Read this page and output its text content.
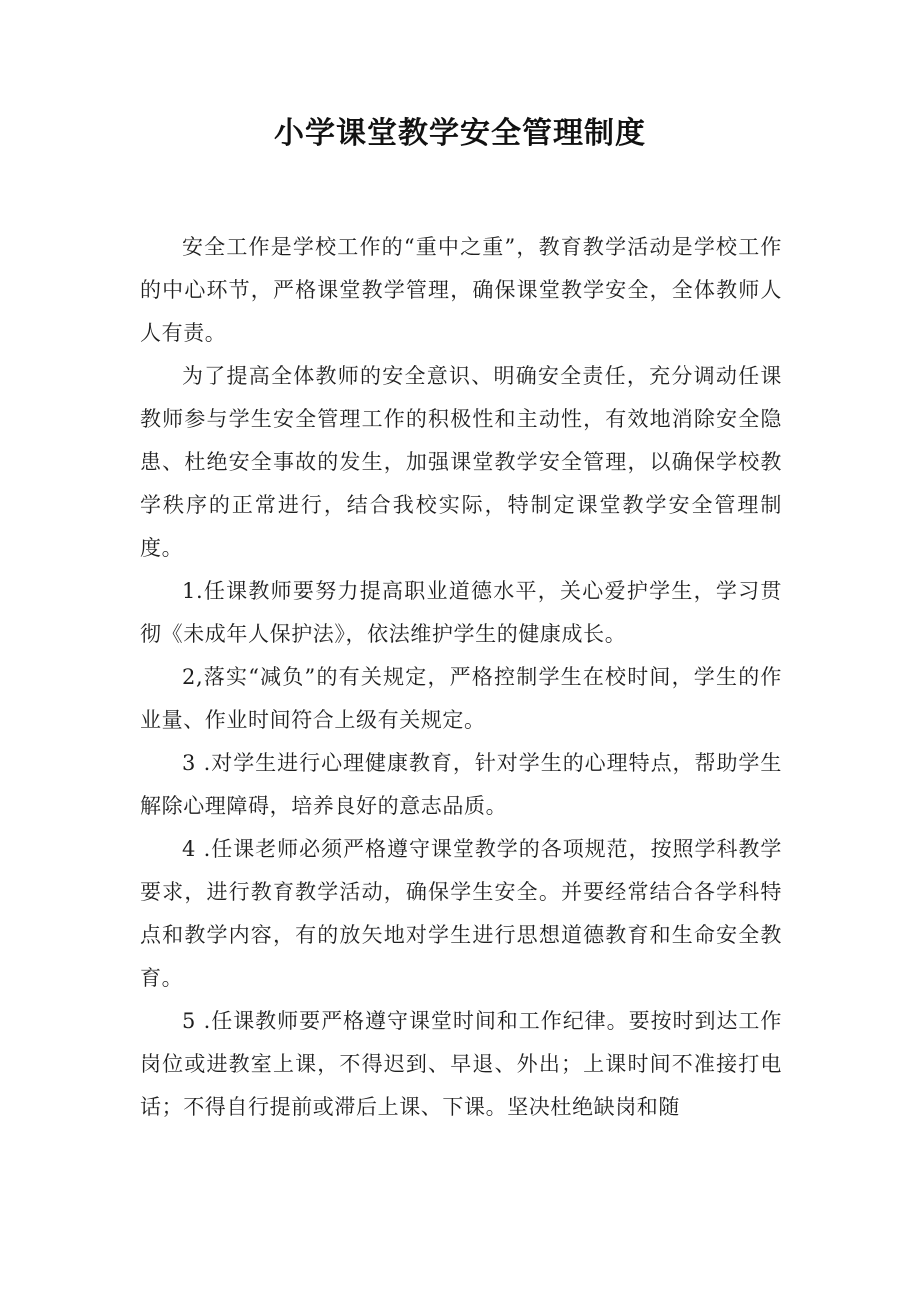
小学课堂教学安全管理制度

安全工作是学校工作的“重中之重”，教育教学活动是学校工作的中心环节，严格课堂教学管理，确保课堂教学安全，全体教师人人有责。

为了提高全体教师的安全意识、明确安全责任，充分调动任课教师参与学生安全管理工作的积极性和主动性，有效地消除安全隐患、杜绝安全事故的发生，加强课堂教学安全管理，以确保学校教学秩序的正常进行，结合我校实际，特制定课堂教学安全管理制度。

1.任课教师要努力提高职业道德水平，关心爱护学生，学习贯彻《未成年人保护法》，依法维护学生的健康成长。

2,落实“减负”的有关规定，严格控制学生在校时间，学生的作业量、作业时间符合上级有关规定。

3 .对学生进行心理健康教育，针对学生的心理特点，帮助学生解除心理障碍，培养良好的意志品质。

4 .任课老师必须严格遵守课堂教学的各项规范，按照学科教学要求，进行教育教学活动，确保学生安全。并要经常结合各学科特点和教学内容，有的放矢地对学生进行思想道德教育和生命安全教育。

5 .任课教师要严格遵守课堂时间和工作纪律。要按时到达工作岗位或进教室上课，不得迟到、早退、外出；上课时间不准接打电话；不得自行提前或滞后上课、下课。坚决杜绝缺岗和随
